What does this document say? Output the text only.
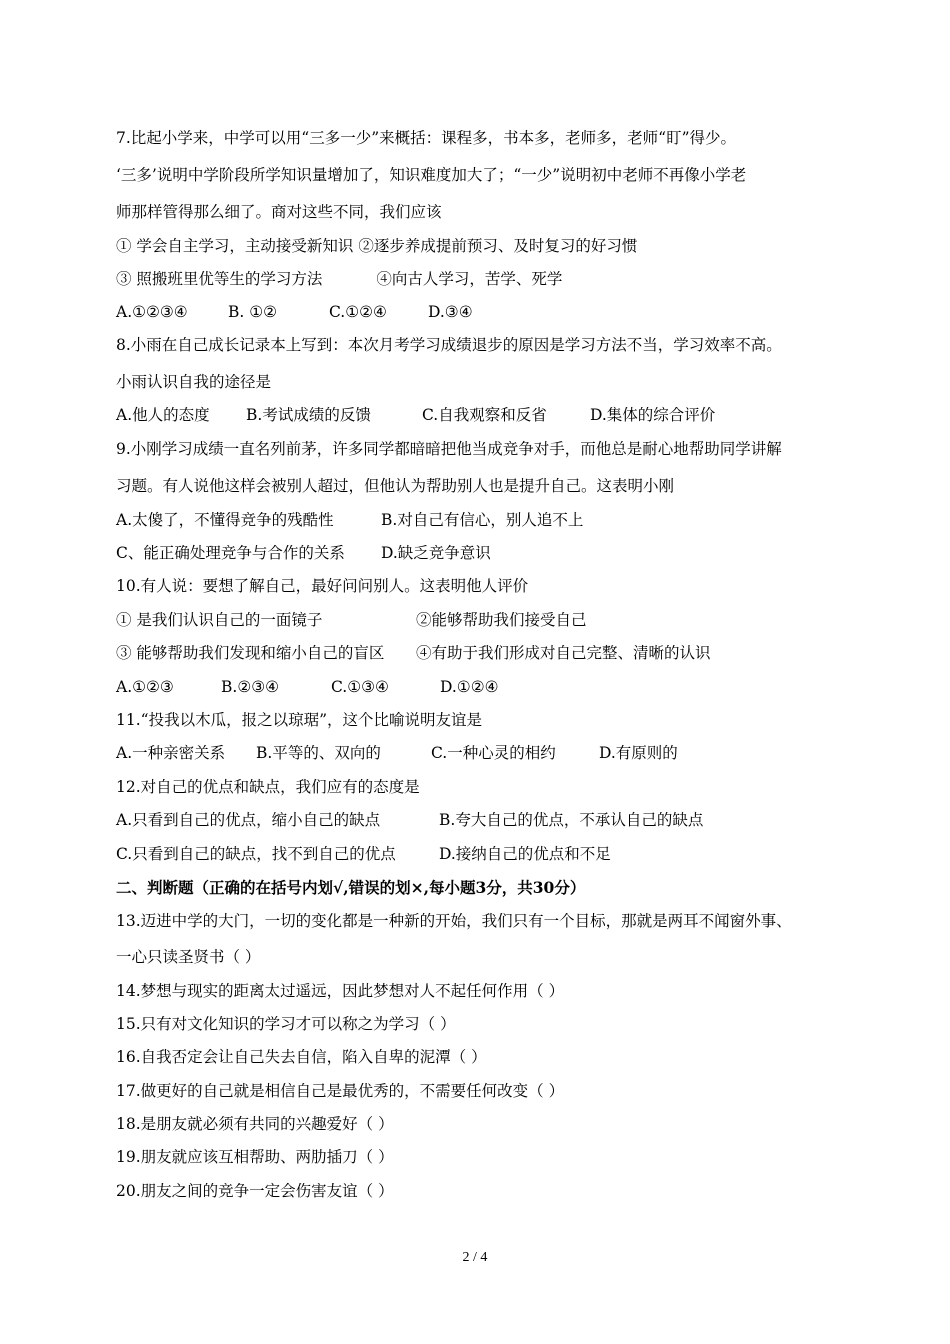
7.比起小学来，中学可以用“三多一少”来概括：课程多，书本多，老师多，老师“盯”得少。
‘三多’说明中学阶段所学知识量增加了，知识难度加大了；“一少”说明初中老师不再像小学老
师那样管得那么细了。商对这些不同，我们应该
① 学会自主学习，主动接受新知识 ②逐步养成提前预习、及时复习的好习惯
③ 照搬班里优等生的学习方法	④向古人学习，苦学、死学
A.①②③④	B. ①②	C.①②④	D.③④
8.小雨在自己成长记录本上写到：本次月考学习成绩退步的原因是学习方法不当，学习效率不高。
小雨认识自我的途径是
A.他人的态度 B.考试成绩的反馈	C.自我观察和反省	D.集体的综合评价
9.小刚学习成绩一直名列前茅，许多同学都暗暗把他当成竞争对手，而他总是耐心地帮助同学讲解
习题。有人说他这样会被别人超过，但他认为帮助别人也是提升自己。这表明小刚
A.太傻了，不懂得竞争的残酷性	B.对自己有信心，别人追不上
C、能正确处理竞争与合作的关系 D.缺乏竞争意识
10.有人说：要想了解自己，最好问问别人。这表明他人评价
① 是我们认识自己的一面镜子	②能够帮助我们接受自己
③ 能够帮助我们发现和缩小自己的盲区 ④有助于我们形成对自己完整、清晰的认识
A.①②③	B.②③④	C.①③④	D.①②④
11.“投我以木瓜，报之以琼琚”，这个比喻说明友谊是
A.一种亲密关系 B.平等的、双向的	C.一种心灵的相约	D.有原则的
12.对自己的优点和缺点，我们应有的态度是
A.只看到自己的优点，缩小自己的缺点	B.夸大自己的优点，不承认自己的缺点
C.只看到自己的缺点，找不到自己的优点	D.接纳自己的优点和不足
二、判断题（正确的在括号内划√,错误的划×,每小题3分，共30分）
13.迈进中学的大门，一切的变化都是一种新的开始，我们只有一个目标，那就是两耳不闻窗外事、
一心只读圣贤书（ ）
14.梦想与现实的距离太过遥远，因此梦想对人不起任何作用（ ）
15.只有对文化知识的学习才可以称之为学习（ ）
16.自我否定会让自己失去自信，陷入自卑的泥潭（ ）
17.做更好的自己就是相信自己是最优秀的，不需要任何改变（ ）
18.是朋友就必须有共同的兴趣爱好（ ）
19.朋友就应该互相帮助、两肋插刀（ ）
20.朋友之间的竞争一定会伤害友谊（ ）
2 / 4
